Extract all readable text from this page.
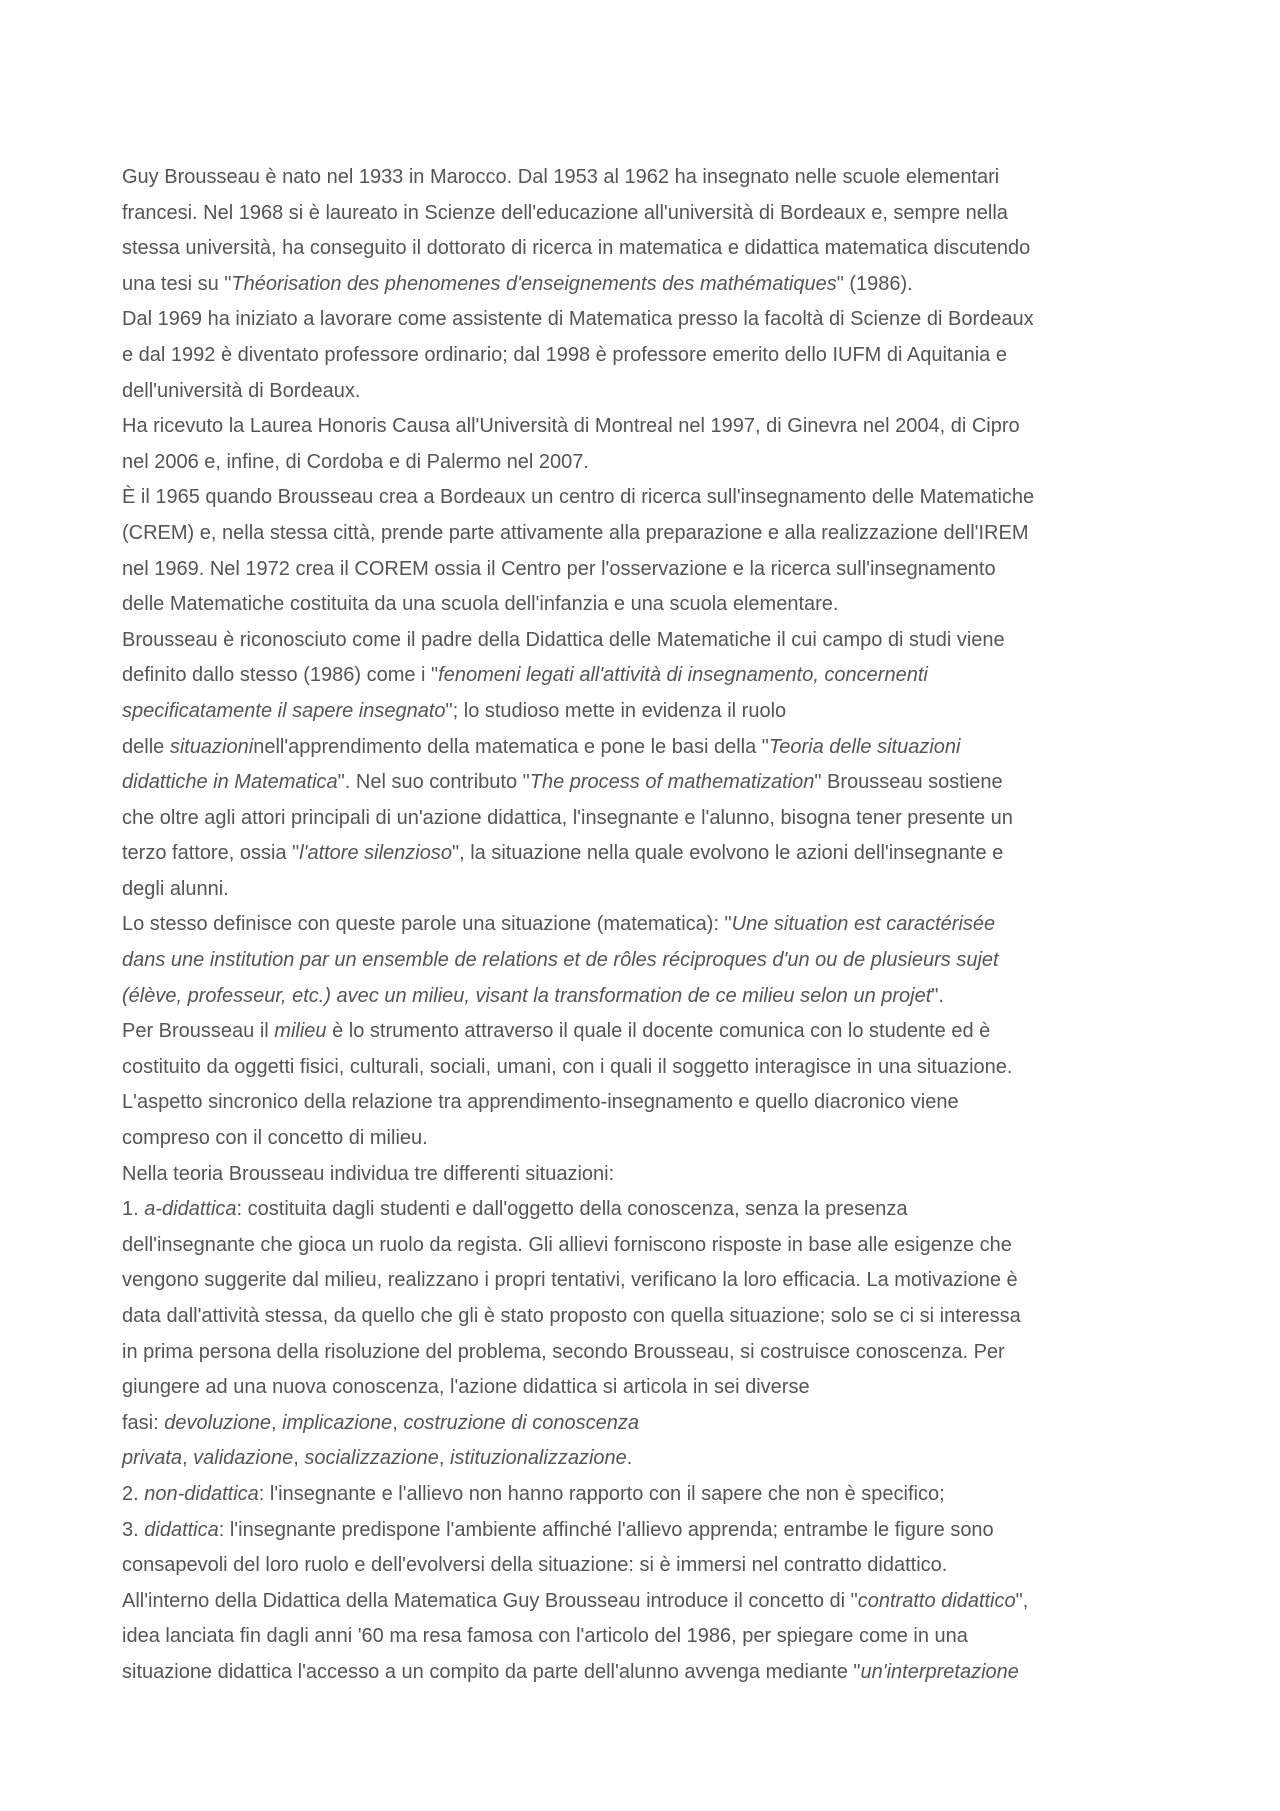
Guy Brousseau è nato nel 1933 in Marocco. Dal 1953 al 1962 ha insegnato nelle scuole elementari
francesi. Nel 1968 si è laureato in Scienze dell'educazione all'università di Bordeaux e, sempre nella
stessa università, ha conseguito il dottorato di ricerca in matematica e didattica matematica discutendo
una tesi su "Théorisation des phenomenes d'enseignements des mathématiques" (1986).
Dal 1969 ha iniziato a lavorare come assistente di Matematica presso la facoltà di Scienze di Bordeaux
e dal 1992 è diventato professore ordinario; dal 1998 è professore emerito dello IUFM di Aquitania e
dell'università di Bordeaux.
Ha ricevuto la Laurea Honoris Causa all'Università di Montreal nel 1997, di Ginevra nel 2004, di Cipro
nel 2006 e, infine, di Cordoba e di Palermo nel 2007.
È il 1965 quando Brousseau crea a Bordeaux un centro di ricerca sull'insegnamento delle Matematiche
(CREM) e, nella stessa città, prende parte attivamente alla preparazione e alla realizzazione dell'IREM
nel 1969. Nel 1972 crea il COREM ossia il Centro per l'osservazione e la ricerca sull'insegnamento
delle Matematiche costituita da una scuola dell'infanzia e una scuola elementare.
Brousseau è riconosciuto come il padre della Didattica delle Matematiche il cui campo di studi viene
definito dallo stesso (1986) come i "fenomeni legati all'attività di insegnamento, concernenti
specificatamente il sapere insegnato"; lo studioso mette in evidenza il ruolo
delle situazioninell'apprendimento della matematica e pone le basi della "Teoria delle situazioni
didattiche in Matematica". Nel suo contributo "The process of mathematization" Brousseau sostiene
che oltre agli attori principali di un'azione didattica, l'insegnante e l'alunno, bisogna tener presente un
terzo fattore, ossia "l'attore silenzioso", la situazione nella quale evolvono le azioni dell'insegnante e
degli alunni.
Lo stesso definisce con queste parole una situazione (matematica): "Une situation est caractérisée
dans une institution par un ensemble de relations et de rôles réciproques d'un ou de plusieurs sujet
(élève, professeur, etc.) avec un milieu, visant la transformation de ce milieu selon un projet".
Per Brousseau il milieu è lo strumento attraverso il quale il docente comunica con lo studente ed è
costituito da oggetti fisici, culturali, sociali, umani, con i quali il soggetto interagisce in una situazione.
L'aspetto sincronico della relazione tra apprendimento-insegnamento e quello diacronico viene
compreso con il concetto di milieu.
Nella teoria Brousseau individua tre differenti situazioni:
1. a-didattica: costituita dagli studenti e dall'oggetto della conoscenza, senza la presenza
dell'insegnante che gioca un ruolo da regista. Gli allievi forniscono risposte in base alle esigenze che
vengono suggerite dal milieu, realizzano i propri tentativi, verificano la loro efficacia. La motivazione è
data dall'attività stessa, da quello che gli è stato proposto con quella situazione; solo se ci si interessa
in prima persona della risoluzione del problema, secondo Brousseau, si costruisce conoscenza. Per
giungere ad una nuova conoscenza, l'azione didattica si articola in sei diverse
fasi: devoluzione, implicazione, costruzione di conoscenza
privata, validazione, socializzazione, istituzionalizzazione.
2. non-didattica: l'insegnante e l'allievo non hanno rapporto con il sapere che non è specifico;
3. didattica: l'insegnante predispone l'ambiente affinché l'allievo apprenda; entrambe le figure sono
consapevoli del loro ruolo e dell'evolversi della situazione: si è immersi nel contratto didattico.
All'interno della Didattica della Matematica Guy Brousseau introduce il concetto di "contratto didattico",
idea lanciata fin dagli anni '60 ma resa famosa con l'articolo del 1986, per spiegare come in una
situazione didattica l'accesso a un compito da parte dell'alunno avvenga mediante "un'interpretazione
